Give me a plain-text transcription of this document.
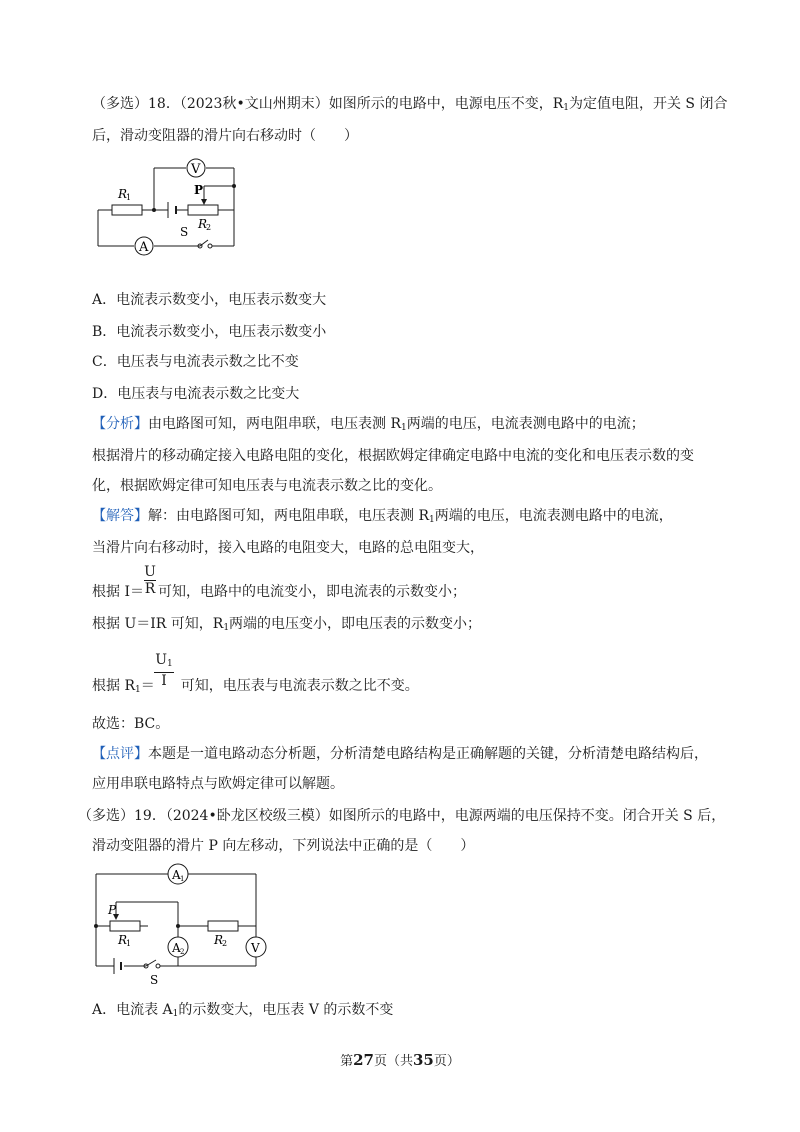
（多选）18．（2023秋•文山州期末）如图所示的电路中，电源电压不变，$R_1$为定值电阻，开关 S 闭合
后，滑动变阻器的滑片向右移动时（　　）
V
A
R
1
R
2
P
S
A．电流表示数变小，电压表示数变大
B．电流表示数变小，电压表示数变小
C．电压表与电流表示数之比不变
D．电压表与电流表示数之比变大
【分析】由电路图可知，两电阻串联，电压表测 $R_1$两端的电压，电流表测电路中的电流；
根据滑片的移动确定接入电路电阻的变化，根据欧姆定律确定电路中电流的变化和电压表示数的变
化，根据欧姆定律可知电压表与电流表示数之比的变化。
【解答】解：由电路图可知，两电阻串联，电压表测 $R_1$两端的电压，电流表测电路中的电流，
当滑片向右移动时，接入电路的电阻变大，电路的总电阻变大，
根据 I＝ 可知，电路中的电流变小，即电流表的示数变小；
U
R
根据 U＝IR 可知，$R_1$两端的电压变小，即电压表的示数变小；
根据 $R_1=$ 可知，电压表与电流表示数之比不变。
$U_1$
I
故选：BC。
【点评】本题是一道电路动态分析题，分析清楚电路结构是正确解题的关键，分析清楚电路结构后，
应用串联电路特点与欧姆定律可以解题。
（多选）19．（2024•卧龙区校级三模）如图所示的电路中，电源两端的电压保持不变。闭合开关 S 后，
滑动变阻器的滑片 P 向左移动，下列说法中正确的是（　　）
A 1
A 2	V
P
R
1	R
2
S
A．电流表 $A_1$的示数变大，电压表 V 的示数不变
第27页（共35页）
